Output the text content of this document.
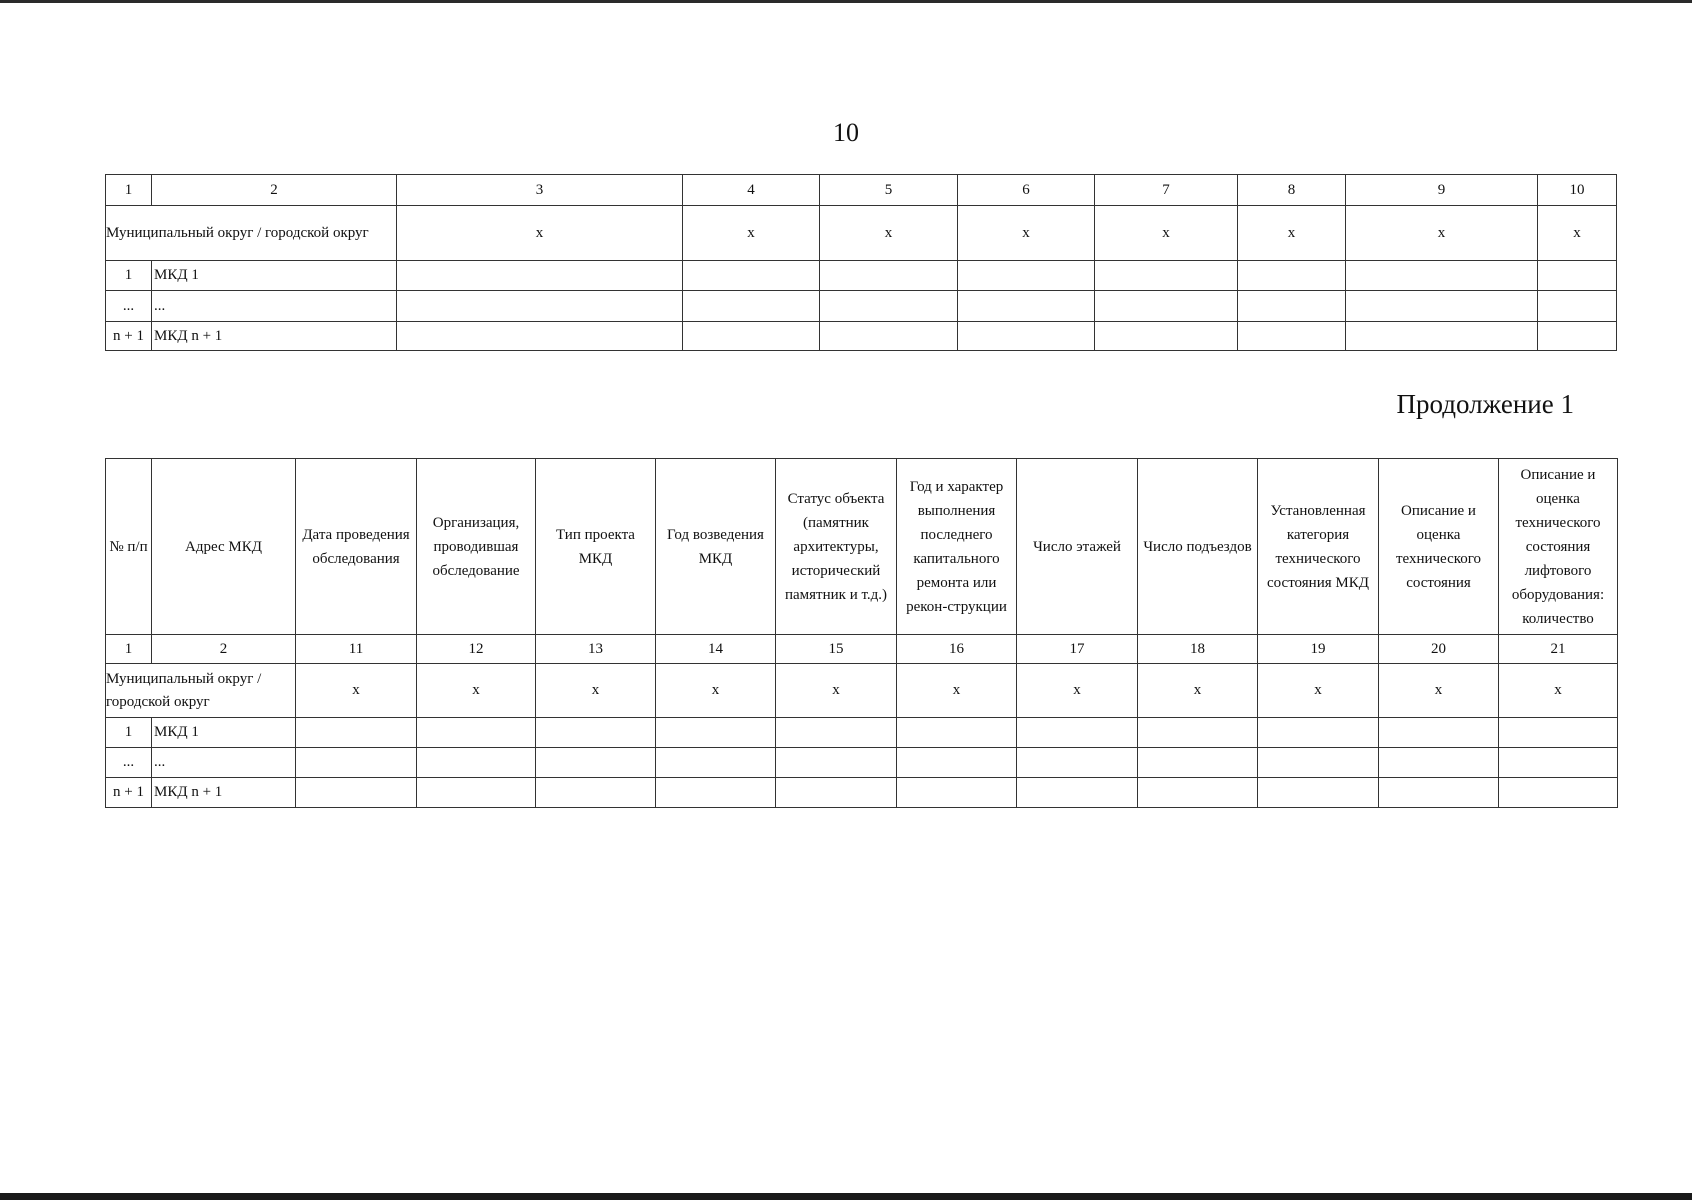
10
1	2	3	4	5	6	7	8	9	10
Муниципальный округ / городской округ		x	x	x	x	x	x	x	x
1	МКД 1								
...	...								
n + 1	МКД n + 1								
Продолжение 1
№ п/п	Адрес МКД	Дата проведения обследования	Организация, проводившая обследование	Тип проекта МКД	Год возведения МКД	Статус объекта (памятник архитектуры, исторический памятник и т.д.)	Год и характер выполнения последнего капитального ремонта или рекон-струкции	Число этажей	Число подъездов	Установленная категория технического состояния МКД	Описание и оценка технического состояния	Описание и оценка технического состояния лифтового оборудования: количество
1	2	11	12	13	14	15	16	17	18	19	20	21
Муниципальный округ / городской округ		x	x	x	x	x	x	x	x	x	x	x
1	МКД 1											
...	...											
n + 1	МКД n + 1											
